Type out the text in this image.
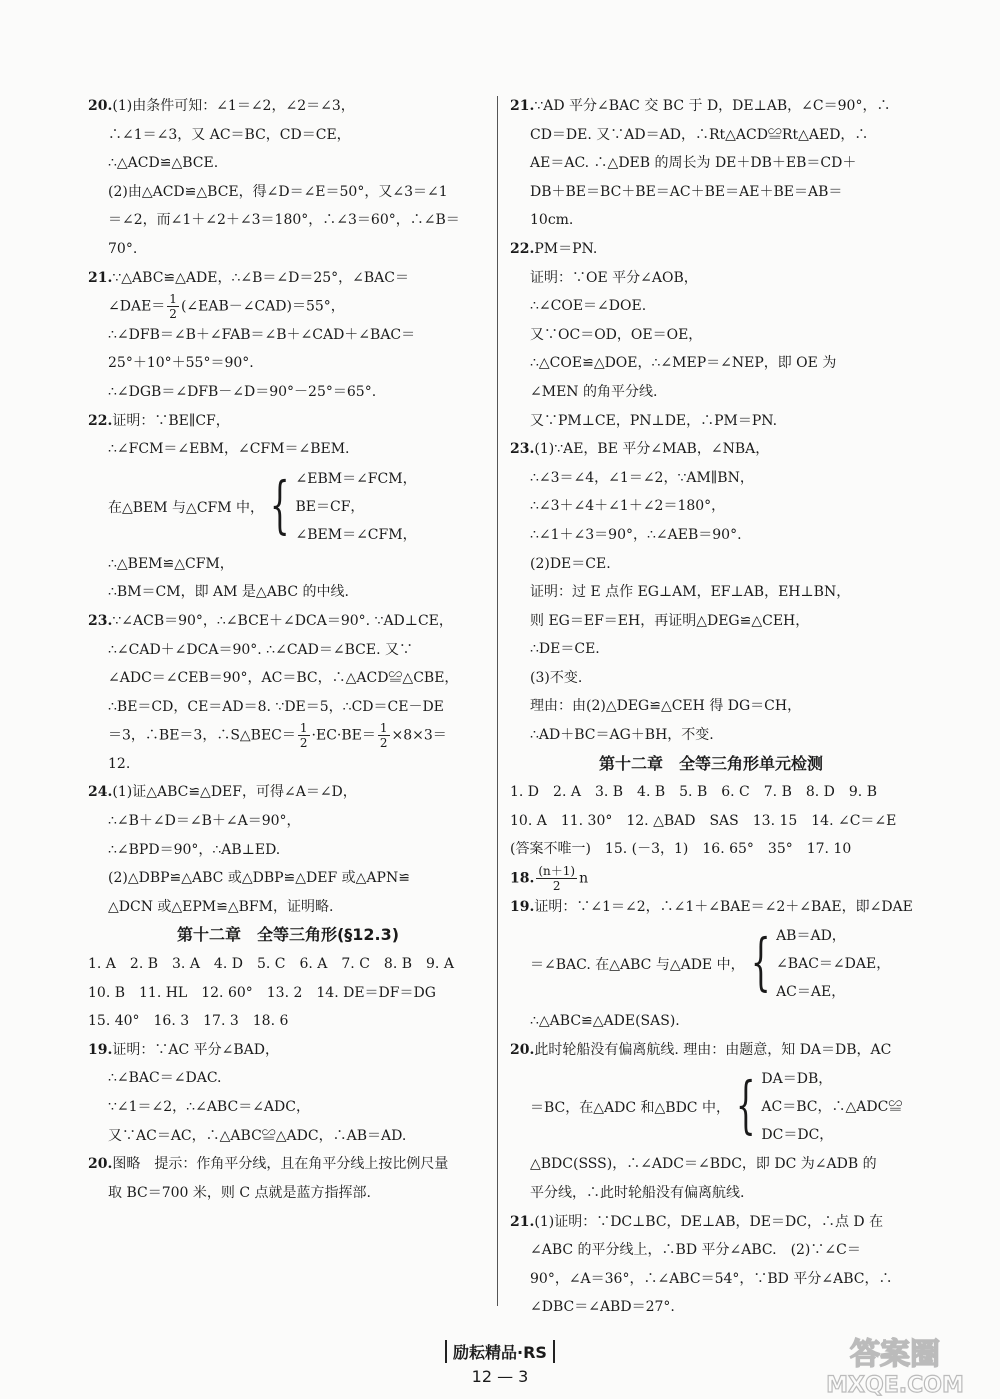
20.(1)由条件可知：∠1＝∠2，∠2＝∠3，
∴∠1＝∠3，又 AC＝BC，CD＝CE，
∴△ACD≌△BCE.
(2)由△ACD≌△BCE，得∠D＝∠E＝50°，又∠3＝∠1
＝∠2，而∠1＋∠2＋∠3＝180°，∴∠3＝60°，∴∠B＝
70°.
21.∵△ABC≌△ADE，∴∠B＝∠D＝25°，∠BAC＝
∠DAE＝ $\frac{1}{2}$ (∠EAB－∠CAD)＝55°，
∴∠DFB＝∠B＋∠FAB＝∠B＋∠CAD＋∠BAC＝
25°＋10°＋55°＝90°.
∴∠DGB＝∠DFB－∠D＝90°－25°＝65°.
22.证明：∵BE∥CF，
∴∠FCM＝∠EBM，∠CFM＝∠BEM.
在△BEM 与△CFM 中， { ∠EBM＝∠FCM，
BE＝CF，
∠BEM＝∠CFM，
∴△BEM≌△CFM，
∴BM＝CM，即 AM 是△ABC 的中线.
23.∵∠ACB＝90°，∴∠BCE＋∠DCA＝90°. ∵AD⊥CE，
∴∠CAD＋∠DCA＝90°. ∴∠CAD＝∠BCE. 又∵
∠ADC＝∠CEB＝90°，AC＝BC，∴△ACD≌△CBE，
∴BE＝CD，CE＝AD＝8. ∵DE＝5，∴CD＝CE－DE
＝3，∴BE＝3，∴S△BEC＝ $\frac{1}{2} \cdot EC\cdot BE= \frac{1}{2} \times 8\times 3=$
12.
24.(1)证△ABC≌△DEF，可得∠A＝∠D，
∴∠B＋∠D＝∠B＋∠A＝90°，
∴∠BPD＝90°，∴AB⊥ED.
(2)△DBP≌△ABC 或△DBP≌△DEF 或△APN≌
△DCN 或△EPM≌△BFM，证明略.
第十二章　全等三角形(§12.3)
1. A　2. B　3. A　4. D　5. C　6. A　7. C　8. B　9. A
10. B　11. HL　12. 60°　13. 2　14. DE＝DF＝DG
15. 40°　16. 3　17. 3　18. 6
19.证明：∵AC 平分∠BAD，
∴∠BAC＝∠DAC.
∵∠1＝∠2，∴∠ABC＝∠ADC，
又∵AC＝AC，∴△ABC≌△ADC，∴AB＝AD.
20.图略　提示：作角平分线，且在角平分线上按比例尺量
取 BC＝700 米，则 C 点就是蓝方指挥部.
21.∵AD 平分∠BAC 交 BC 于 D，DE⊥AB，∠C＝90°，∴
CD＝DE. 又∵AD＝AD，∴Rt△ACD≌Rt△AED，∴
AE＝AC. ∴△DEB 的周长为 DE＋DB＋EB＝CD＋
DB＋BE＝BC＋BE＝AC＋BE＝AE＋BE＝AB＝
10cm.
22.PM＝PN.
证明：∵OE 平分∠AOB，
∴∠COE＝∠DOE.
又∵OC＝OD，OE＝OE，
∴△COE≌△DOE，∴∠MEP＝∠NEP，即 OE 为
∠MEN 的角平分线.
又∵PM⊥CE，PN⊥DE，∴PM＝PN.
23.(1)∵AE，BE 平分∠MAB，∠NBA，
∴∠3＝∠4，∠1＝∠2，∵AM∥BN，
∴∠3＋∠4＋∠1＋∠2＝180°，
∴∠1＋∠3＝90°，∴∠AEB＝90°.
(2)DE＝CE.
证明：过 E 点作 EG⊥AM，EF⊥AB，EH⊥BN，
则 EG＝EF＝EH，再证明△DEG≌△CEH，
∴DE＝CE.
(3)不变.
理由：由(2)△DEG≌△CEH 得 DG＝CH，
∴AD＋BC＝AG＋BH，不变.
第十二章　全等三角形单元检测
1. D　2. A　3. B　4. B　5. B　6. C　7. B　8. D　9. B
10. A　11. 30°　12. △BAD　SAS　13. 15　14. ∠C＝∠E
(答案不唯一)　15. (－3，1)　16. 65°　35°　17. 10
18. $\frac{(n+1)}{2}$ n
19.证明：∵∠1＝∠2，∴∠1＋∠BAE＝∠2＋∠BAE，即∠DAE
＝∠BAC. 在△ABC 与△ADE 中， { AB＝AD，
∠BAC＝∠DAE，
AC＝AE，
∴△ABC≌△ADE(SAS).
20.此时轮船没有偏离航线. 理由：由题意，知 DA＝DB，AC
＝BC，在△ADC 和△BDC 中， { DA＝DB，
AC＝BC，∴△ADC≌
DC＝DC，
△BDC(SSS)，∴∠ADC＝∠BDC，即 DC 为∠ADB 的
平分线，∴此时轮船没有偏离航线.
21.(1)证明：∵DC⊥BC，DE⊥AB，DE＝DC，∴点 D 在
∠ABC 的平分线上，∴BD 平分∠ABC.　(2)∵∠C＝
90°，∠A＝36°，∴∠ABC＝54°，∵BD 平分∠ABC，∴
∠DBC＝∠ABD＝27°.
励耘精品·RS
12 — 3
答案圈
MXQE.COM
